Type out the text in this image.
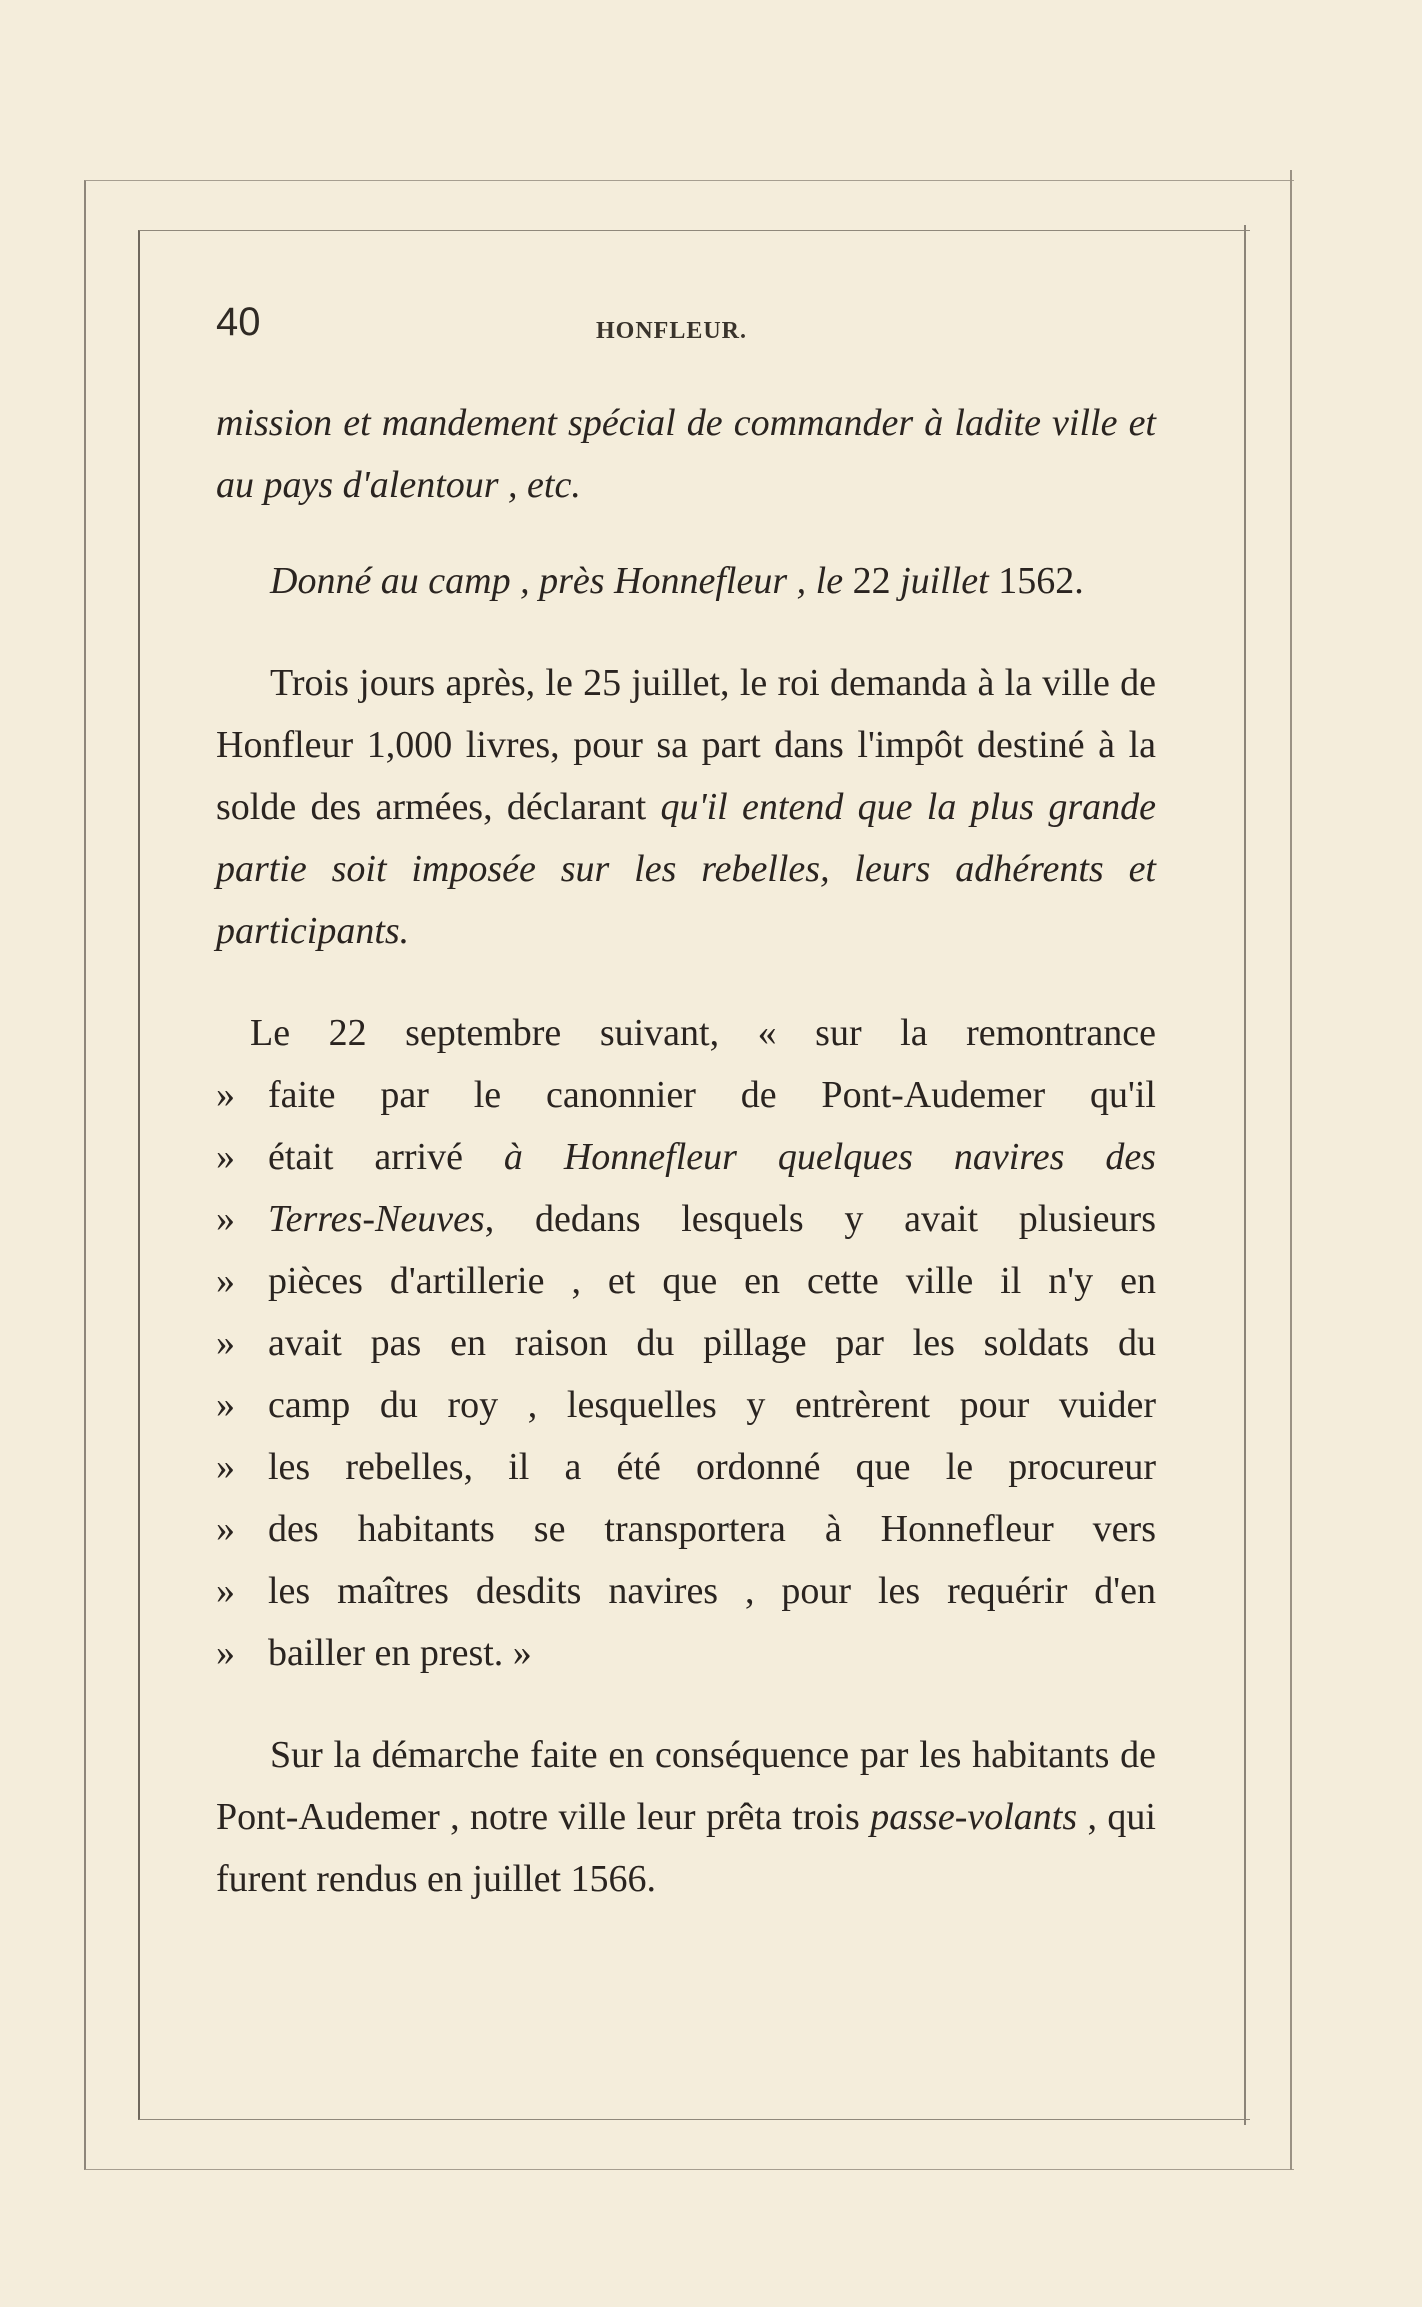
40	HONFLEUR.

mission et mandement spécial de commander à ladite ville et au pays d'alentour , etc.

Donné au camp , près Honnefleur , le 22 juillet 1562.

Trois jours après, le 25 juillet, le roi demanda à la ville de Honfleur 1,000 livres, pour sa part dans l'impôt destiné à la solde des armées, déclarant qu'il entend que la plus grande partie soit imposée sur les rebelles, leurs adhérents et participants.

Le 22 septembre suivant, « sur la remontrance
» faite par le canonnier de Pont-Audemer qu'il
» était arrivé à Honnefleur quelques navires des
» Terres-Neuves, dedans lesquels y avait plusieurs
» pièces d'artillerie , et que en cette ville il n'y en
» avait pas en raison du pillage par les soldats du
» camp du roy , lesquelles y entrèrent pour vuider
» les rebelles, il a été ordonné que le procureur
» des habitants se transportera à Honnefleur vers
» les maîtres desdits navires , pour les requérir d'en
» bailler en prest. »

Sur la démarche faite en conséquence par les habitants de Pont-Audemer , notre ville leur prêta trois passe-volants , qui furent rendus en juillet 1566.
